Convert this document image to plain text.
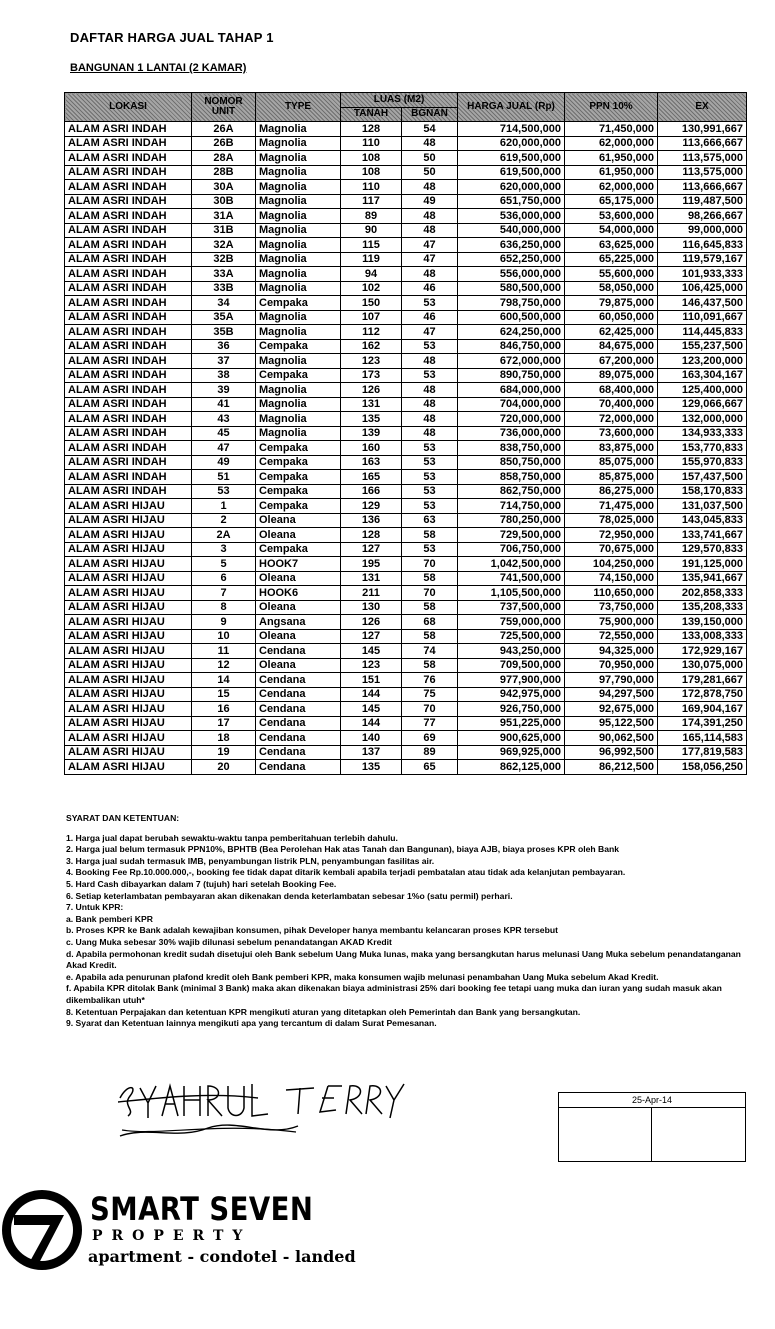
DAFTAR HARGA JUAL TAHAP 1
BANGUNAN 1 LANTAI (2 KAMAR)
LOKASI	NOMOR UNIT	TYPE	LUAS (M2)		HARGA JUAL (Rp)	PPN 10%	EX
			TANAH	BGNAN			
ALAM ASRI INDAH	26A	Magnolia	128	54	714,500,000	71,450,000	130,991,667
ALAM ASRI INDAH	26B	Magnolia	110	48	620,000,000	62,000,000	113,666,667
ALAM ASRI INDAH	28A	Magnolia	108	50	619,500,000	61,950,000	113,575,000
ALAM ASRI INDAH	28B	Magnolia	108	50	619,500,000	61,950,000	113,575,000
ALAM ASRI INDAH	30A	Magnolia	110	48	620,000,000	62,000,000	113,666,667
ALAM ASRI INDAH	30B	Magnolia	117	49	651,750,000	65,175,000	119,487,500
ALAM ASRI INDAH	31A	Magnolia	89	48	536,000,000	53,600,000	98,266,667
ALAM ASRI INDAH	31B	Magnolia	90	48	540,000,000	54,000,000	99,000,000
ALAM ASRI INDAH	32A	Magnolia	115	47	636,250,000	63,625,000	116,645,833
ALAM ASRI INDAH	32B	Magnolia	119	47	652,250,000	65,225,000	119,579,167
ALAM ASRI INDAH	33A	Magnolia	94	48	556,000,000	55,600,000	101,933,333
ALAM ASRI INDAH	33B	Magnolia	102	46	580,500,000	58,050,000	106,425,000
ALAM ASRI INDAH	34	Cempaka	150	53	798,750,000	79,875,000	146,437,500
ALAM ASRI INDAH	35A	Magnolia	107	46	600,500,000	60,050,000	110,091,667
ALAM ASRI INDAH	35B	Magnolia	112	47	624,250,000	62,425,000	114,445,833
ALAM ASRI INDAH	36	Cempaka	162	53	846,750,000	84,675,000	155,237,500
ALAM ASRI INDAH	37	Magnolia	123	48	672,000,000	67,200,000	123,200,000
ALAM ASRI INDAH	38	Cempaka	173	53	890,750,000	89,075,000	163,304,167
ALAM ASRI INDAH	39	Magnolia	126	48	684,000,000	68,400,000	125,400,000
ALAM ASRI INDAH	41	Magnolia	131	48	704,000,000	70,400,000	129,066,667
ALAM ASRI INDAH	43	Magnolia	135	48	720,000,000	72,000,000	132,000,000
ALAM ASRI INDAH	45	Magnolia	139	48	736,000,000	73,600,000	134,933,333
ALAM ASRI INDAH	47	Cempaka	160	53	838,750,000	83,875,000	153,770,833
ALAM ASRI INDAH	49	Cempaka	163	53	850,750,000	85,075,000	155,970,833
ALAM ASRI INDAH	51	Cempaka	165	53	858,750,000	85,875,000	157,437,500
ALAM ASRI INDAH	53	Cempaka	166	53	862,750,000	86,275,000	158,170,833
ALAM ASRI HIJAU	1	Cempaka	129	53	714,750,000	71,475,000	131,037,500
ALAM ASRI HIJAU	2	Oleana	136	63	780,250,000	78,025,000	143,045,833
ALAM ASRI HIJAU	2A	Oleana	128	58	729,500,000	72,950,000	133,741,667
ALAM ASRI HIJAU	3	Cempaka	127	53	706,750,000	70,675,000	129,570,833
ALAM ASRI HIJAU	5	HOOK7	195	70	1,042,500,000	104,250,000	191,125,000
ALAM ASRI HIJAU	6	Oleana	131	58	741,500,000	74,150,000	135,941,667
ALAM ASRI HIJAU	7	HOOK6	211	70	1,105,500,000	110,650,000	202,858,333
ALAM ASRI HIJAU	8	Oleana	130	58	737,500,000	73,750,000	135,208,333
ALAM ASRI HIJAU	9	Angsana	126	68	759,000,000	75,900,000	139,150,000
ALAM ASRI HIJAU	10	Oleana	127	58	725,500,000	72,550,000	133,008,333
ALAM ASRI HIJAU	11	Cendana	145	74	943,250,000	94,325,000	172,929,167
ALAM ASRI HIJAU	12	Oleana	123	58	709,500,000	70,950,000	130,075,000
ALAM ASRI HIJAU	14	Cendana	151	76	977,900,000	97,790,000	179,281,667
ALAM ASRI HIJAU	15	Cendana	144	75	942,975,000	94,297,500	172,878,750
ALAM ASRI HIJAU	16	Cendana	145	70	926,750,000	92,675,000	169,904,167
ALAM ASRI HIJAU	17	Cendana	144	77	951,225,000	95,122,500	174,391,250
ALAM ASRI HIJAU	18	Cendana	140	69	900,625,000	90,062,500	165,114,583
ALAM ASRI HIJAU	19	Cendana	137	89	969,925,000	96,992,500	177,819,583
ALAM ASRI HIJAU	20	Cendana	135	65	862,125,000	86,212,500	158,056,250
SYARAT DAN KETENTUAN:

1. Harga jual dapat berubah sewaktu-waktu tanpa pemberitahuan terlebih dahulu.

2. Harga jual belum termasuk PPN10%, BPHTB (Bea Perolehan Hak atas Tanah dan Bangunan), biaya AJB, biaya proses KPR oleh Bank

3. Harga jual sudah termasuk IMB, penyambungan listrik PLN, penyambungan fasilitas air.

4. Booking Fee Rp.10.000.000,-, booking fee tidak dapat ditarik kembali apabila terjadi pembatalan atau tidak ada kelanjutan pembayaran.

5. Hard Cash dibayarkan dalam 7 (tujuh) hari setelah Booking Fee.

6. Setiap keterlambatan pembayaran akan dikenakan denda keterlambatan sebesar 1%o (satu permil) perhari.

7. Untuk KPR:

a. Bank pemberi KPR

b. Proses KPR ke Bank adalah kewajiban konsumen, pihak Developer hanya membantu kelancaran proses KPR tersebut

c. Uang Muka sebesar 30% wajib dilunasi sebelum penandatangan AKAD Kredit

d. Apabila permohonan kredit sudah disetujui oleh Bank sebelum Uang Muka lunas, maka yang bersangkutan harus melunasi Uang Muka sebelum penandatanganan Akad Kredit.

e. Apabila ada penurunan plafond kredit oleh Bank pemberi KPR, maka konsumen wajib melunasi penambahan Uang Muka sebelum Akad Kredit.

f. Apabila KPR ditolak Bank (minimal 3 Bank) maka akan dikenakan biaya administrasi 25% dari booking fee tetapi uang muka dan iuran yang sudah masuk akan dikembalikan utuh*

8. Ketentuan Perpajakan dan ketentuan KPR mengikuti aturan yang ditetapkan oleh Pemerintah dan Bank yang bersangkutan.

9. Syarat dan Ketentuan lainnya mengikuti apa yang tercantum di dalam Surat Pemesanan.

25-Apr-14
SMART SEVEN
PROPERTY
apartment - condotel - landed
